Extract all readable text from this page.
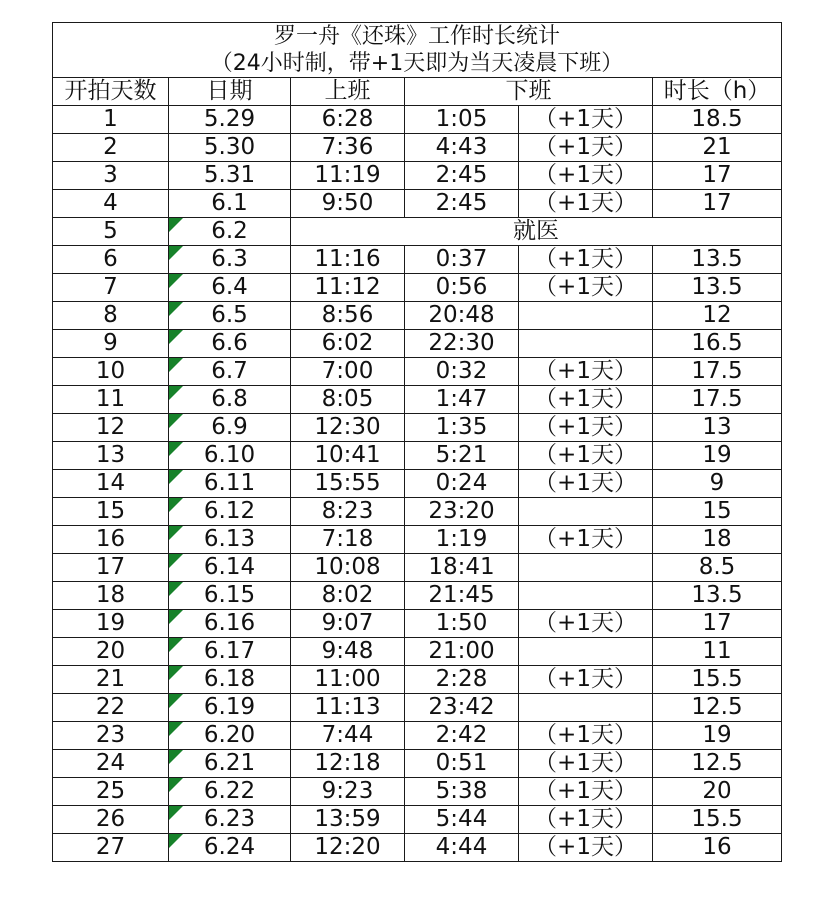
罗一舟《还珠》工作时长统计
（24小时制，带+1天即为当天凌晨下班）					

开拍天数	日期	上班	下班		时长（h）
1	5.29	6:28	1:05	（+1天）	18.5
2	5.30	7:36	4:43	（+1天）	21
3	5.31	11:19	2:45	（+1天）	17
4	6.1	9:50	2:45	（+1天）	17
5	6.2	就医			
6	6.3	11:16	0:37	（+1天）	13.5
7	6.4	11:12	0:56	（+1天）	13.5
8	6.5	8:56	20:48		12
9	6.6	6:02	22:30		16.5
10	6.7	7:00	0:32	（+1天）	17.5
11	6.8	8:05	1:47	（+1天）	17.5
12	6.9	12:30	1:35	（+1天）	13
13	6.10	10:41	5:21	（+1天）	19
14	6.11	15:55	0:24	（+1天）	9
15	6.12	8:23	23:20		15
16	6.13	7:18	1:19	（+1天）	18
17	6.14	10:08	18:41		8.5
18	6.15	8:02	21:45		13.5
19	6.16	9:07	1:50	（+1天）	17
20	6.17	9:48	21:00		11
21	6.18	11:00	2:28	（+1天）	15.5
22	6.19	11:13	23:42		12.5
23	6.20	7:44	2:42	（+1天）	19
24	6.21	12:18	0:51	（+1天）	12.5
25	6.22	9:23	5:38	（+1天）	20
26	6.23	13:59	5:44	（+1天）	15.5
27	6.24	12:20	4:44	（+1天）	16
